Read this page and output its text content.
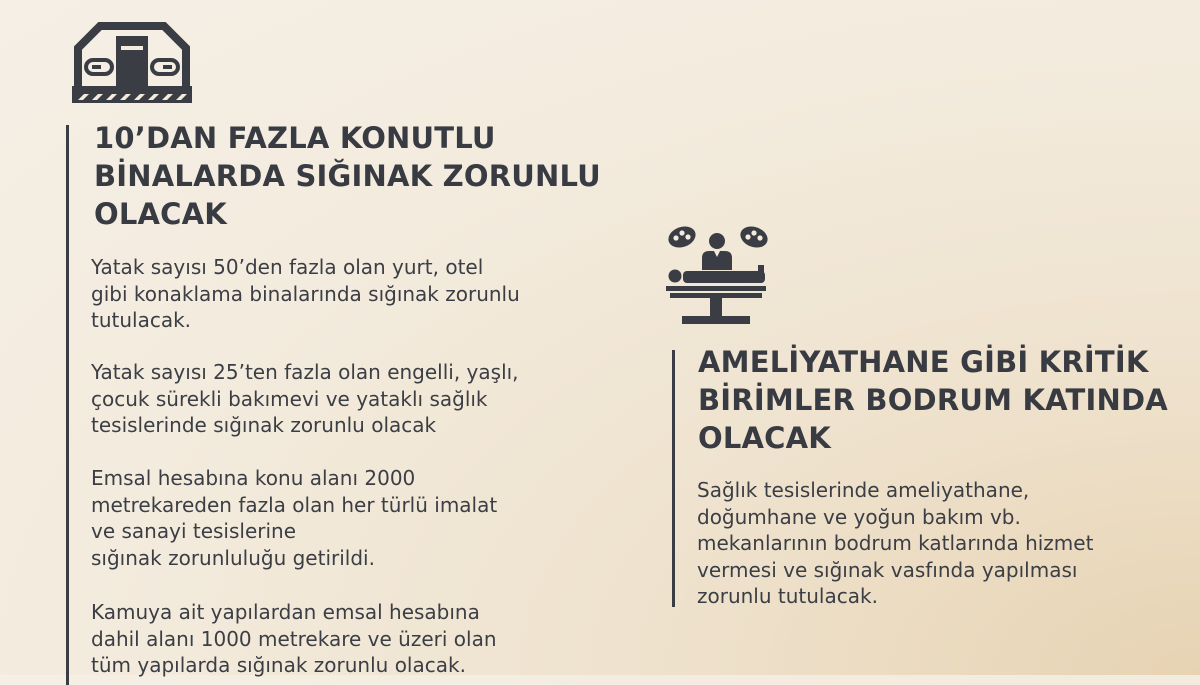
10’DAN FAZLA KONUTLU
BİNALARDA SIĞINAK ZORUNLU
OLACAK

Yatak sayısı 50’den fazla olan yurt, otel
gibi konaklama binalarında sığınak zorunlu
tutulacak.

Yatak sayısı 25’ten fazla olan engelli, yaşlı,
çocuk sürekli bakımevi ve yataklı sağlık
tesislerinde sığınak zorunlu olacak

Emsal hesabına konu alanı 2000
metrekareden fazla olan her türlü imalat
ve sanayi tesislerine
sığınak zorunluluğu getirildi.

Kamuya ait yapılardan emsal hesabına
dahil alanı 1000 metrekare ve üzeri olan
tüm yapılarda sığınak zorunlu olacak.

AMELİYATHANE GİBİ KRİTİK
BİRİMLER BODRUM KATINDA
OLACAK

Sağlık tesislerinde ameliyathane,
doğumhane ve yoğun bakım vb.
mekanlarının bodrum katlarında hizmet
vermesi ve sığınak vasfında yapılması
zorunlu tutulacak.
